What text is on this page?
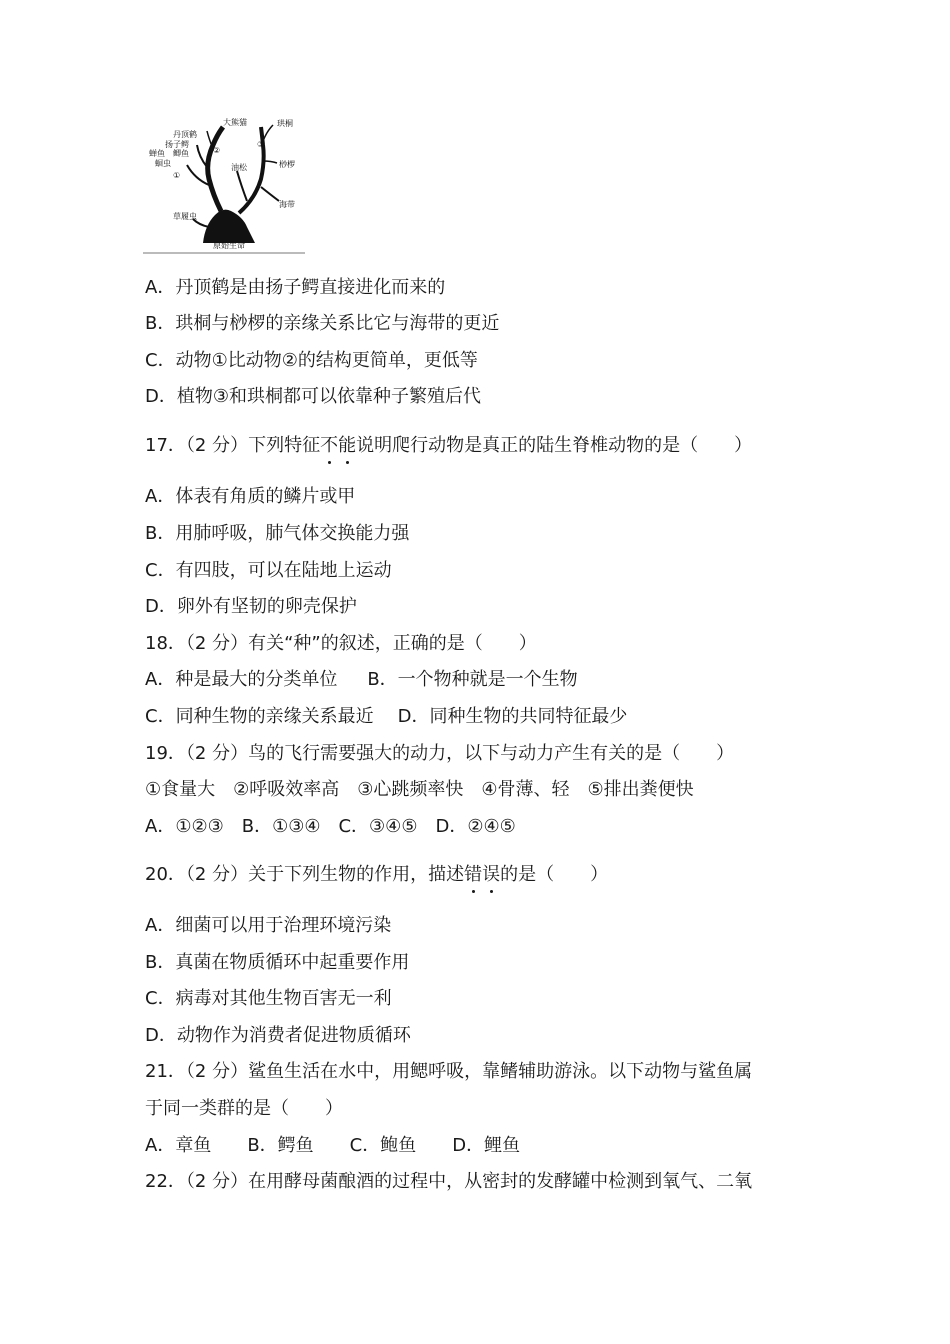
大熊猫	珙桐
丹顶鹤
扬子鳄
②
③
鲫鱼
蝉鱼
蛔虫
①
油松	桫椤
海带
草履虫
原始生命
A．丹顶鹤是由扬子鳄直接进化而来的
B．珙桐与桫椤的亲缘关系比它与海带的更近
C．动物①比动物②的结构更简单，更低等
D．植物③和珙桐都可以依靠种子繁殖后代
17．（2 分）下列特征不能说明爬行动物是真正的陆生脊椎动物的是（　　）
A．体表有角质的鳞片或甲
B．用肺呼吸，肺气体交换能力强
C．有四肢，可以在陆地上运动
D．卵外有坚韧的卵壳保护
18．（2 分）有关“种”的叙述，正确的是（　　）
A．种是最大的分类单位 B．一个物种就是一个生物
C．同种生物的亲缘关系最近 D．同种生物的共同特征最少
19．（2 分）鸟的飞行需要强大的动力，以下与动力产生有关的是（　　）
①食量大　②呼吸效率高　③心跳频率快　④骨薄、轻　⑤排出粪便快
A．①②③　B．①③④　C．③④⑤　D．②④⑤
20．（2 分）关于下列生物的作用，描述错误的是（　　）
A．细菌可以用于治理环境污染
B．真菌在物质循环中起重要作用
C．病毒对其他生物百害无一利
D．动物作为消费者促进物质循环
21．（2 分）鲨鱼生活在水中，用鳃呼吸，靠鳍辅助游泳。以下动物与鲨鱼属
于同一类群的是（　　）
A．章鱼　　B．鳄鱼　　C．鲍鱼　　D．鲤鱼
22．（2 分）在用酵母菌酿酒的过程中，从密封的发酵罐中检测到氧气、二氧
